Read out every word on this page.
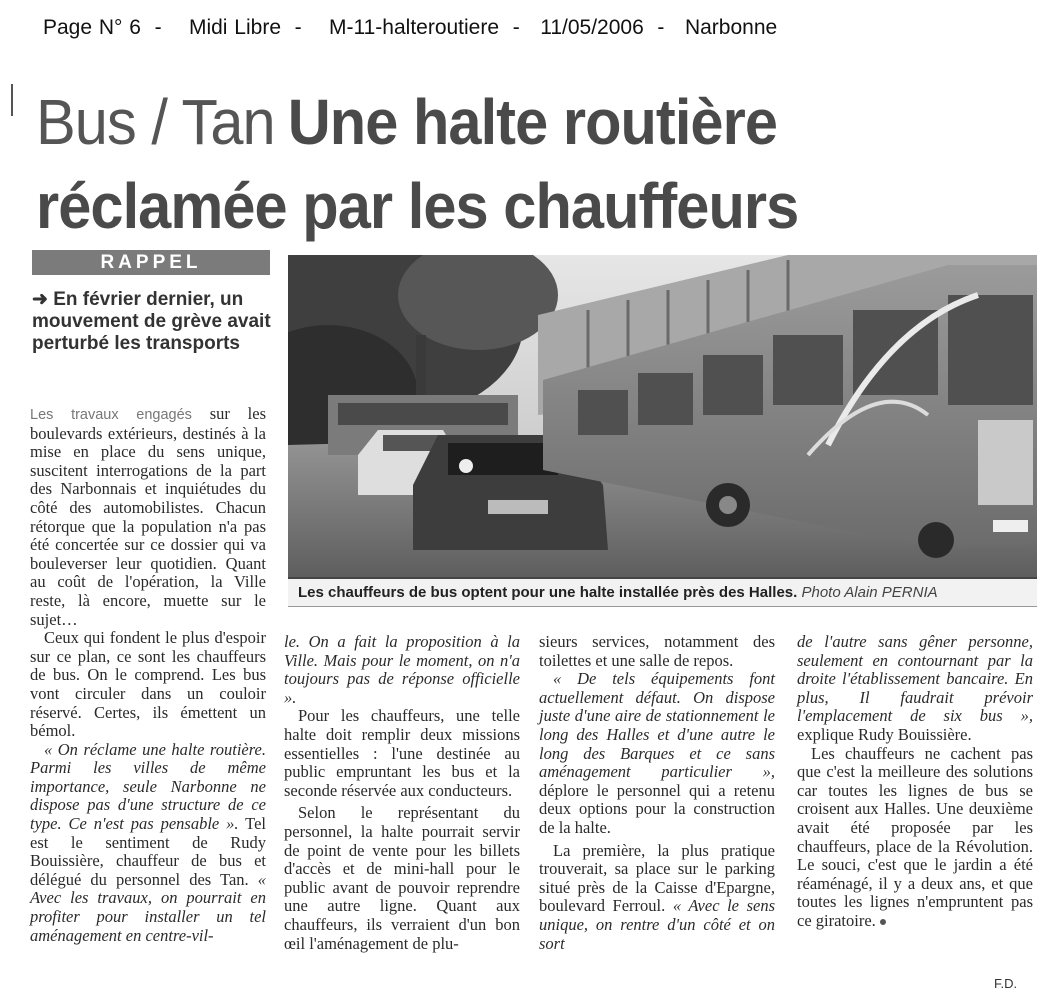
Page N° 6  -    Midi Libre  -    M-11-halteroutiere  -   11/05/2006  -   Narbonne
Bus / Tan Une halte routière
réclamée par les chauffeurs
RAPPEL
➜ En février dernier, un mouvement de grève avait perturbé les transports
Les chauffeurs de bus optent pour une halte installée près des Halles. Photo Alain PERNIA

Les travaux engagés sur les boulevards extérieurs, destinés à la mise en place du sens unique, suscitent interrogations de la part des Narbonnais et inquiétudes du côté des automobilistes. Chacun rétorque que la population n'a pas été concertée sur ce dossier qui va bouleverser leur quotidien. Quant au coût de l'opération, la Ville reste, là encore, muette sur le sujet…

Ceux qui fondent le plus d'espoir sur ce plan, ce sont les chauffeurs de bus. On le comprend. Les bus vont circuler dans un couloir réservé. Certes, ils émettent un bémol.

« On réclame une halte routière. Parmi les villes de même importance, seule Narbonne ne dispose pas d'une structure de ce type. Ce n'est pas pensable ». Tel est le sentiment de Rudy Bouissière, chauffeur de bus et délégué du personnel des Tan. « Avec les travaux, on pourrait en profiter pour installer un tel aménagement en centre-vil-

le. On a fait la proposition à la Ville. Mais pour le moment, on n'a toujours pas de réponse officielle ».

Pour les chauffeurs, une telle halte doit remplir deux missions essentielles : l'une destinée au public empruntant les bus et la seconde réservée aux conducteurs.

Selon le représentant du personnel, la halte pourrait servir de point de vente pour les billets d'accès et de mini-hall pour le public avant de pouvoir reprendre une autre ligne. Quant aux chauffeurs, ils verraient d'un bon œil l'aménagement de plu-

sieurs services, notamment des toilettes et une salle de repos.

« De tels équipements font actuellement défaut. On dispose juste d'une aire de stationnement le long des Halles et d'une autre le long des Barques et ce sans aménagement particulier », déplore le personnel qui a retenu deux options pour la construction de la halte.

La première, la plus pratique trouverait, sa place sur le parking situé près de la Caisse d'Epargne, boulevard Ferroul. « Avec le sens unique, on rentre d'un côté et on sort

de l'autre sans gêner personne, seulement en contournant par la droite l'établissement bancaire. En plus, Il faudrait prévoir l'emplacement de six bus », explique Rudy Bouissière.

Les chauffeurs ne cachent pas que c'est la meilleure des solutions car toutes les lignes de bus se croisent aux Halles. Une deuxième avait été proposée par les chauffeurs, place de la Révolution. Le souci, c'est que le jardin a été réaménagé, il y a deux ans, et que toutes les lignes n'empruntent pas ce giratoire.

F.D.
